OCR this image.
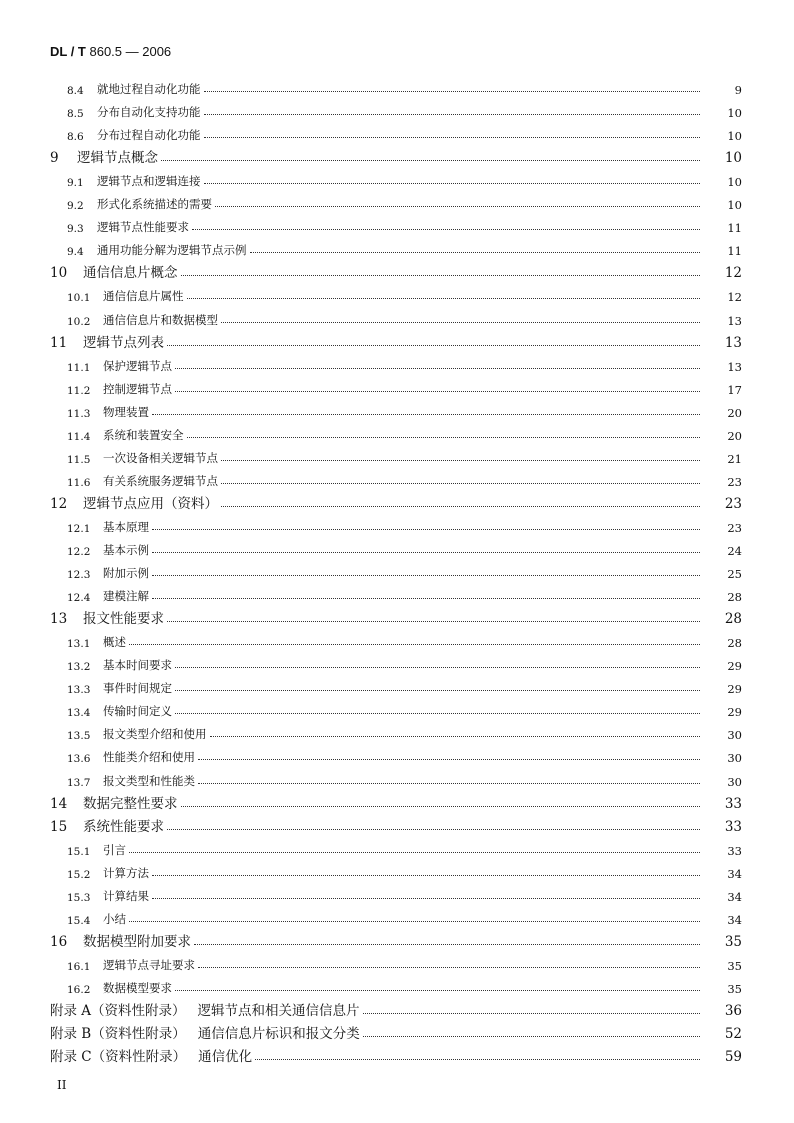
DL / T 860.5 — 2006
8.4	就地过程自动化功能	9
8.5	分布自动化支持功能	10
8.6	分布过程自动化功能	10
9	逻辑节点概念	10
9.1	逻辑节点和逻辑连接	10
9.2	形式化系统描述的需要	10
9.3	逻辑节点性能要求	11
9.4	通用功能分解为逻辑节点示例	11
10	通信信息片概念	12
10.1	通信信息片属性	12
10.2	通信信息片和数据模型	13
11	逻辑节点列表	13
11.1	保护逻辑节点	13
11.2	控制逻辑节点	17
11.3	物理装置	20
11.4	系统和装置安全	20
11.5	一次设备相关逻辑节点	21
11.6	有关系统服务逻辑节点	23
12	逻辑节点应用（资料）	23
12.1	基本原理	23
12.2	基本示例	24
12.3	附加示例	25
12.4	建模注解	28
13	报文性能要求	28
13.1	概述	28
13.2	基本时间要求	29
13.3	事件时间规定	29
13.4	传输时间定义	29
13.5	报文类型介绍和使用	30
13.6	性能类介绍和使用	30
13.7	报文类型和性能类	30
14	数据完整性要求	33
15	系统性能要求	33
15.1	引言	33
15.2	计算方法	34
15.3	计算结果	34
15.4	小结	34
16	数据模型附加要求	35
16.1	逻辑节点寻址要求	35
16.2	数据模型要求	35
附录 A（资料性附录） 逻辑节点和相关通信信息片	36
附录 B（资料性附录） 通信信息片标识和报文分类	52
附录 C（资料性附录） 通信优化	59
II
